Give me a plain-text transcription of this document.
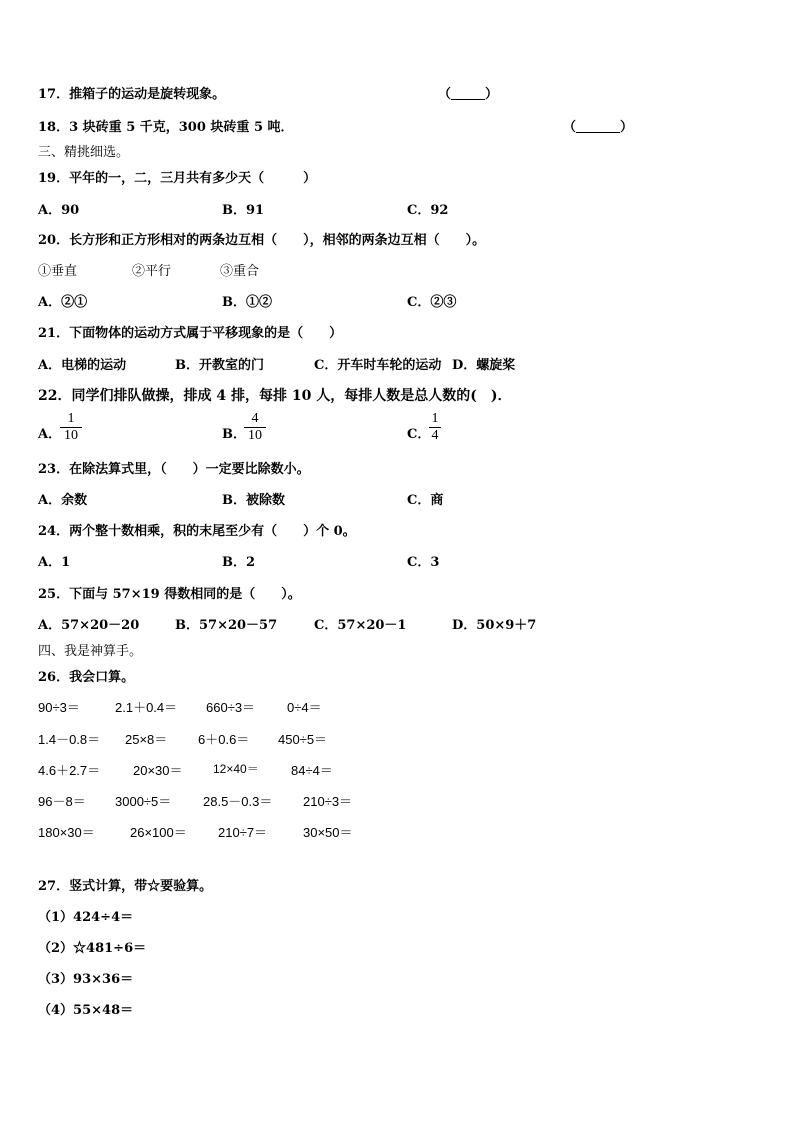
17．推箱子的运动是旋转现象。	（	）
18．3 块砖重 5 千克，300 块砖重 5 吨．	（	）
三、精挑细选。
19．平年的一，二，三月共有多少天（　　　）
A．90	B．91	C．92
20．长方形和正方形相对的两条边互相（　　），相邻的两条边互相（　　）。
①垂直	②平行	③重合
A．②①	B．①②	C．②③
21．下面物体的运动方式属于平移现象的是（　　）
A．电梯的运动	B．开教室的门	C．开车时车轮的运动 D．螺旋桨
22．同学们排队做操，排成 4 排，每排 10 人，每排人数是总人数的(　)．
A．
$\frac{1}{10}$	B．
$\frac{4}{10}$	C．
$\frac{1}{4}$
23．在除法算式里，（　　）一定要比除数小。
A．余数	B．被除数	C．商
24．两个整十数相乘，积的末尾至少有（　　）个 0。
A．1	B．2	C．3
25．下面与 57×19 得数相同的是（　　）。
A．57×20－20	B．57×20－57	C．57×20－1	D．50×9＋7
四、我是神算手。
26．我会口算。
90÷3＝	2.1＋0.4＝ 660÷3＝ 0÷4＝
1.4－0.8＝ 25×8＝ 6＋0.6＝ 450÷5＝
4.6＋2.7＝	20×30＝	12×40＝ 84÷4＝
96－8＝ 3000÷5＝ 28.5－0.3＝ 210÷3＝
180×30＝	26×100＝ 210÷7＝	30×50＝
27．竖式计算，带☆要验算。
（1）424÷4＝
（2）☆481÷6＝
（3）93×36＝
（4）55×48＝
